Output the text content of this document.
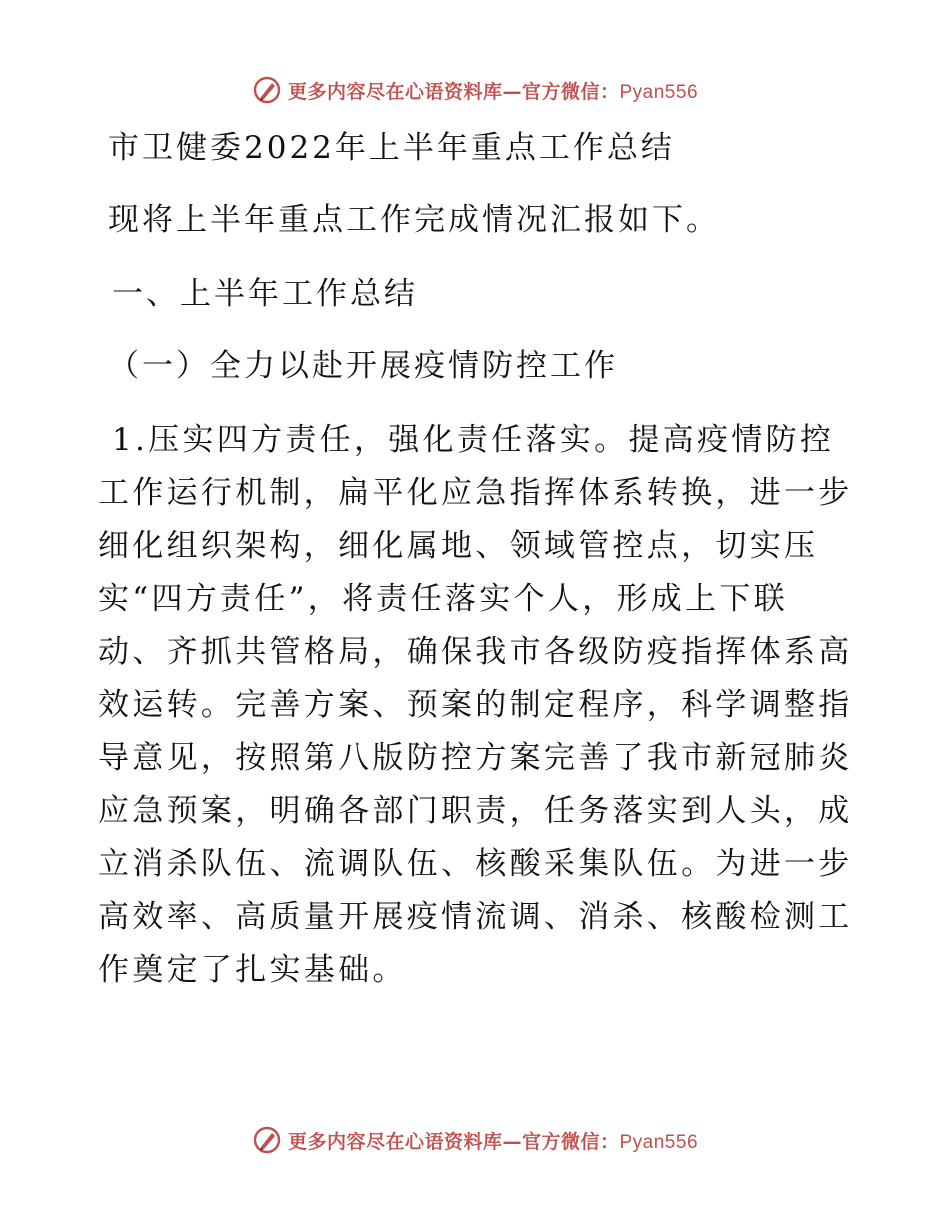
更多内容尽在心语资料库—官方微信：Pyan556
市卫健委2022年上半年重点工作总结
现将上半年重点工作完成情况汇报如下。
一、上半年工作总结
（一）全力以赴开展疫情防控工作
1.压实四方责任，强化责任落实。提高疫情防控
工作运行机制，扁平化应急指挥体系转换，进一步
细化组织架构，细化属地、领域管控点，切实压
实“四方责任”，将责任落实个人，形成上下联
动、齐抓共管格局，确保我市各级防疫指挥体系高
效运转。完善方案、预案的制定程序，科学调整指
导意见，按照第八版防控方案完善了我市新冠肺炎
应急预案，明确各部门职责，任务落实到人头，成
立消杀队伍、流调队伍、核酸采集队伍。为进一步
高效率、高质量开展疫情流调、消杀、核酸检测工
作奠定了扎实基础。
更多内容尽在心语资料库—官方微信：Pyan556
